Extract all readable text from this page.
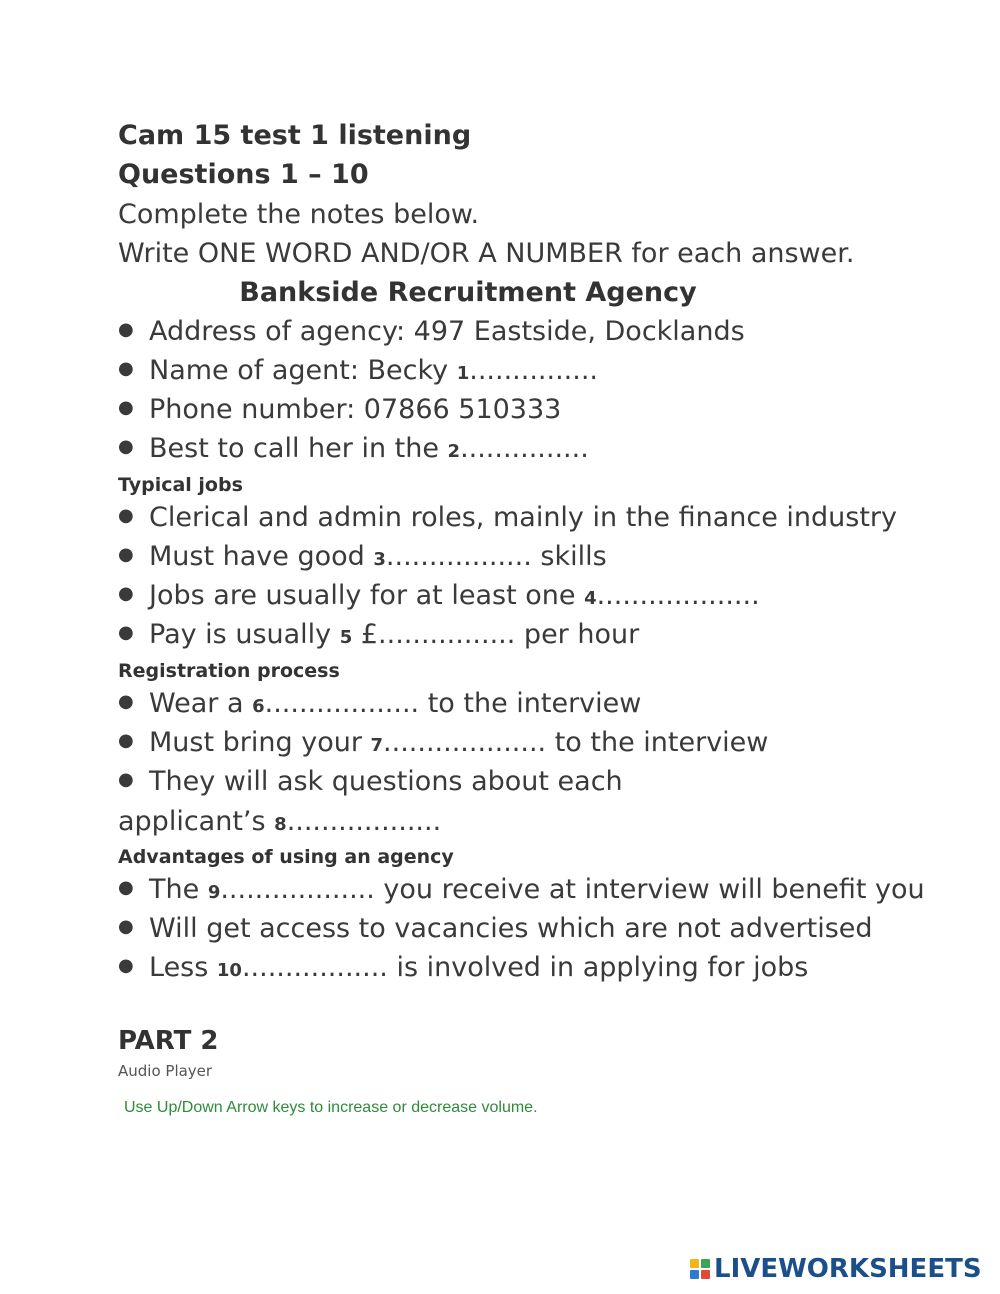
Cam 15 test 1 listening
Questions 1 – 10
Complete the notes below.
Write ONE WORD AND/OR A NUMBER for each answer.
Bankside Recruitment Agency
● Address of agency: 497 Eastside, Docklands
● Name of agent: Becky 1...............
● Phone number: 07866 510333
● Best to call her in the 2...............
Typical jobs
● Clerical and admin roles, mainly in the finance industry
● Must have good 3................. skills
● Jobs are usually for at least one 4...................
● Pay is usually 5 £................ per hour
Registration process
● Wear a 6.................. to the interview
● Must bring your 7................... to the interview
● They will ask questions about each
applicant’s 8..................
Advantages of using an agency
● The 9.................. you receive at interview will benefit you
● Will get access to vacancies which are not advertised
● Less 10................. is involved in applying for jobs
PART 2
Audio Player
Use Up/Down Arrow keys to increase or decrease volume.
LIVEWORKSHEETS
